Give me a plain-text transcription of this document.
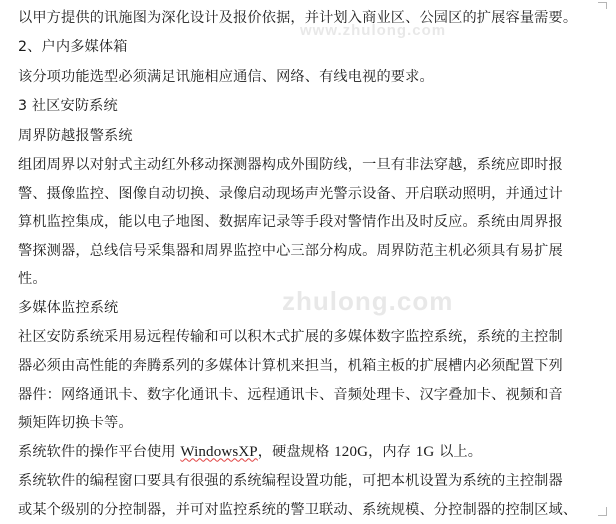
www.zhulong.com
zhulong.com
以甲方提供的讯施图为深化设计及报价依据，并计划入商业区、公园区的扩展容量需要。
2、户内多媒体箱
该分项功能选型必须满足讯施相应通信、网络、有线电视的要求。
3 社区安防系统
周界防越报警系统
组团周界以对射式主动红外移动探测器构成外围防线，一旦有非法穿越，系统应即时报
警、摄像监控、图像自动切换、录像启动现场声光警示设备、开启联动照明，并通过计
算机监控集成，能以电子地图、数据库记录等手段对警情作出及时反应。系统由周界报
警探测器，总线信号采集器和周界监控中心三部分构成。周界防范主机必须具有易扩展
性。
多媒体监控系统
社区安防系统采用易远程传输和可以积木式扩展的多媒体数字监控系统，系统的主控制
器必须由高性能的奔腾系列的多媒体计算机来担当，机箱主板的扩展槽内必须配置下列
器件：网络通讯卡、数字化通讯卡、远程通讯卡、音频处理卡、汉字叠加卡、视频和音
频矩阵切换卡等。
系统软件的操作平台使用 WindowsXP，硬盘规格 120G，内存 1G 以上。
系统软件的编程窗口要具有很强的系统编程设置功能，可把本机设置为系统的主控制器
或某个级别的分控制器，并可对监控系统的警卫联动、系统规模、分控制器的控制区域、
